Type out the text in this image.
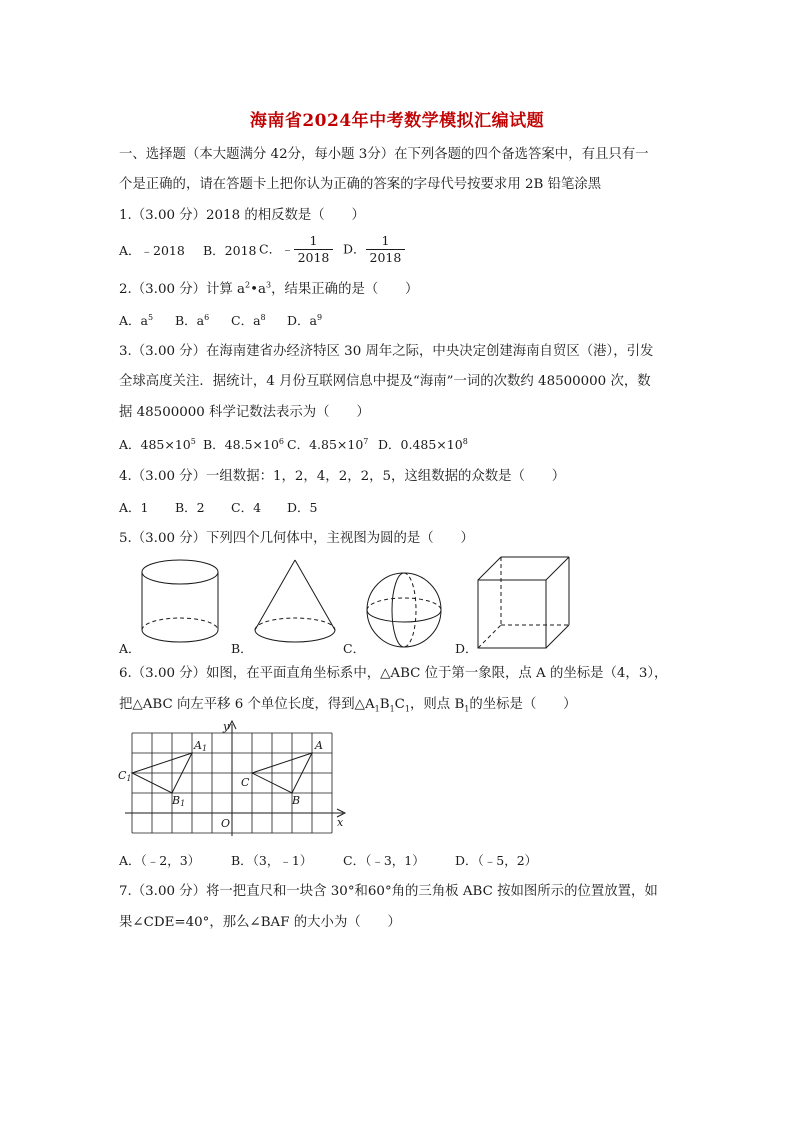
海南省2024年中考数学模拟汇编试题
一、选择题（本大题满分 42分，每小题 3分）在下列各题的四个备选答案中，有且只有一
个是正确的，请在答题卡上把你认为正确的答案的字母代号按要求用 2B 铅笔涂黑
1.（3.00 分）2018 的相反数是（　　）
A．﹣2018 B．2018 C．﹣ $\frac{1}{2018}$ D． $\frac{1}{2018}$
2.（3.00 分）计算 $a^2•a^3$，结果正确的是（　　）
A．$a^5$ B．$a^6$ C．$a^8$ D．$a^9$
3.（3.00 分）在海南建省办经济特区 30 周年之际，中央决定创建海南自贸区（港），引发
全球高度关注．据统计，4 月份互联网信息中提及“海南”一词的次数约 48500000 次，数
据 48500000 科学记数法表示为（　　）
A．$485\times 10^5$ B．$48.5\times 10^6$ C．$4.85\times 10^7$ D．$0.485\times 10^8$
4.（3.00 分）一组数据：1，2，4，2，2，5，这组数据的众数是（　　）
A．1 B．2 C．4 D．5
5.（3.00 分）下列四个几何体中，主视图为圆的是（　　）
A．	B．	C．	D．
6.（3.00 分）如图，在平面直角坐标系中，△ABC 位于第一象限，点 A 的坐标是（4，3），
把△ABC 向左平移 6 个单位长度，得到$\triangle A_1B_1C_1$，则点 $B_1$的坐标是（　　）
y
x
O
A
B
C
A1
B1
C1
A．（﹣2，3） B．（3，﹣1） C．（﹣3，1） D．（﹣5，2）
7.（3.00 分）将一把直尺和一块含 30°和60°角的三角板 ABC 按如图所示的位置放置，如
果∠CDE=40°，那么∠BAF 的大小为（　　）
